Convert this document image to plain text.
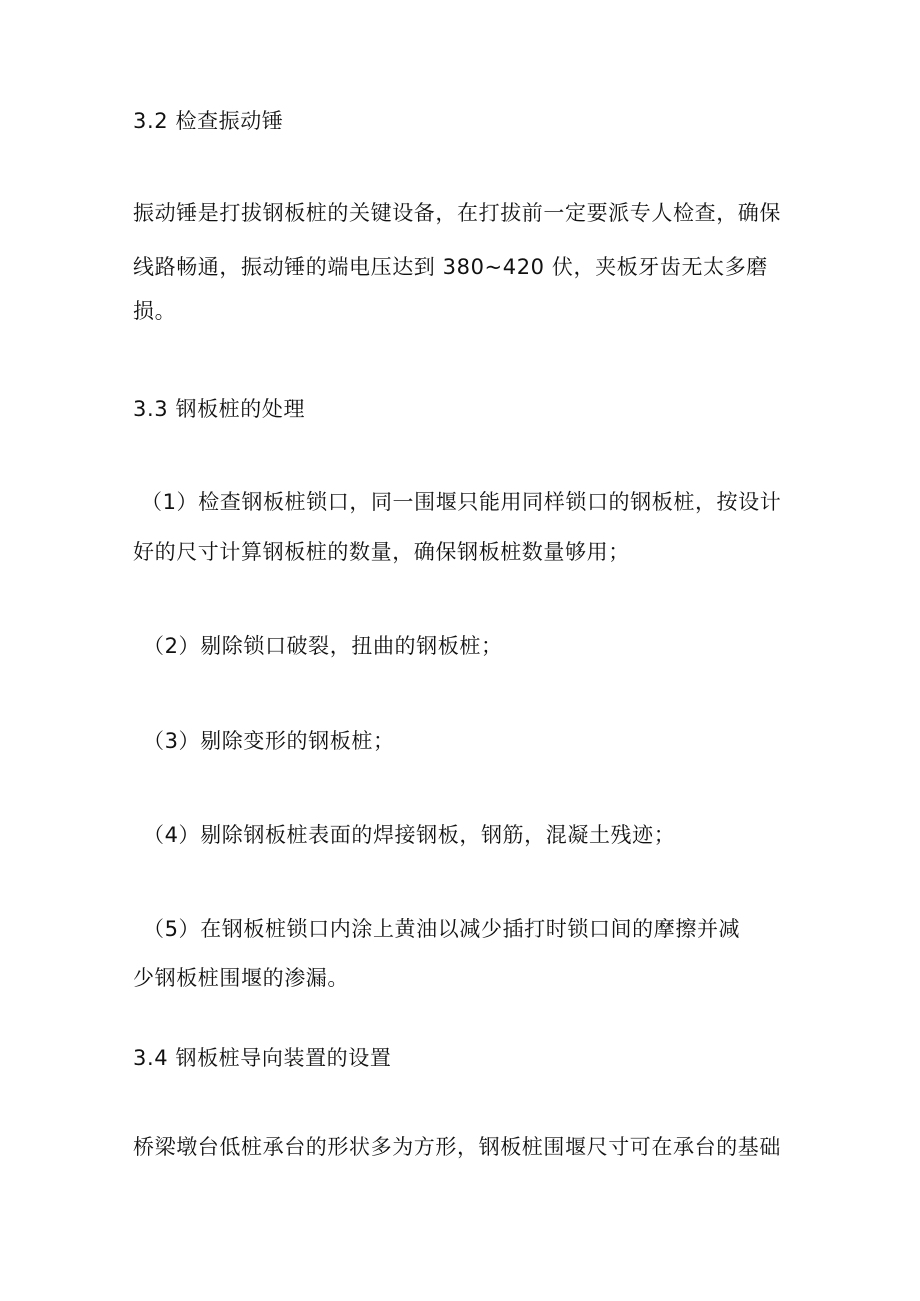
3.2 检查振动锤
振动锤是打拔钢板桩的关键设备，在打拔前一定要派专人检查，确保
线路畅通，振动锤的端电压达到 380~420 伏，夹板牙齿无太多磨
损。
3.3 钢板桩的处理
（1）检查钢板桩锁口，同一围堰只能用同样锁口的钢板桩，按设计
好的尺寸计算钢板桩的数量，确保钢板桩数量够用；
（2）剔除锁口破裂，扭曲的钢板桩；
（3）剔除变形的钢板桩；
（4）剔除钢板桩表面的焊接钢板，钢筋，混凝土残迹；
（5）在钢板桩锁口内涂上黄油以减少插打时锁口间的摩擦并减
少钢板桩围堰的渗漏。
3.4 钢板桩导向装置的设置
桥梁墩台低桩承台的形状多为方形，钢板桩围堰尺寸可在承台的基础
